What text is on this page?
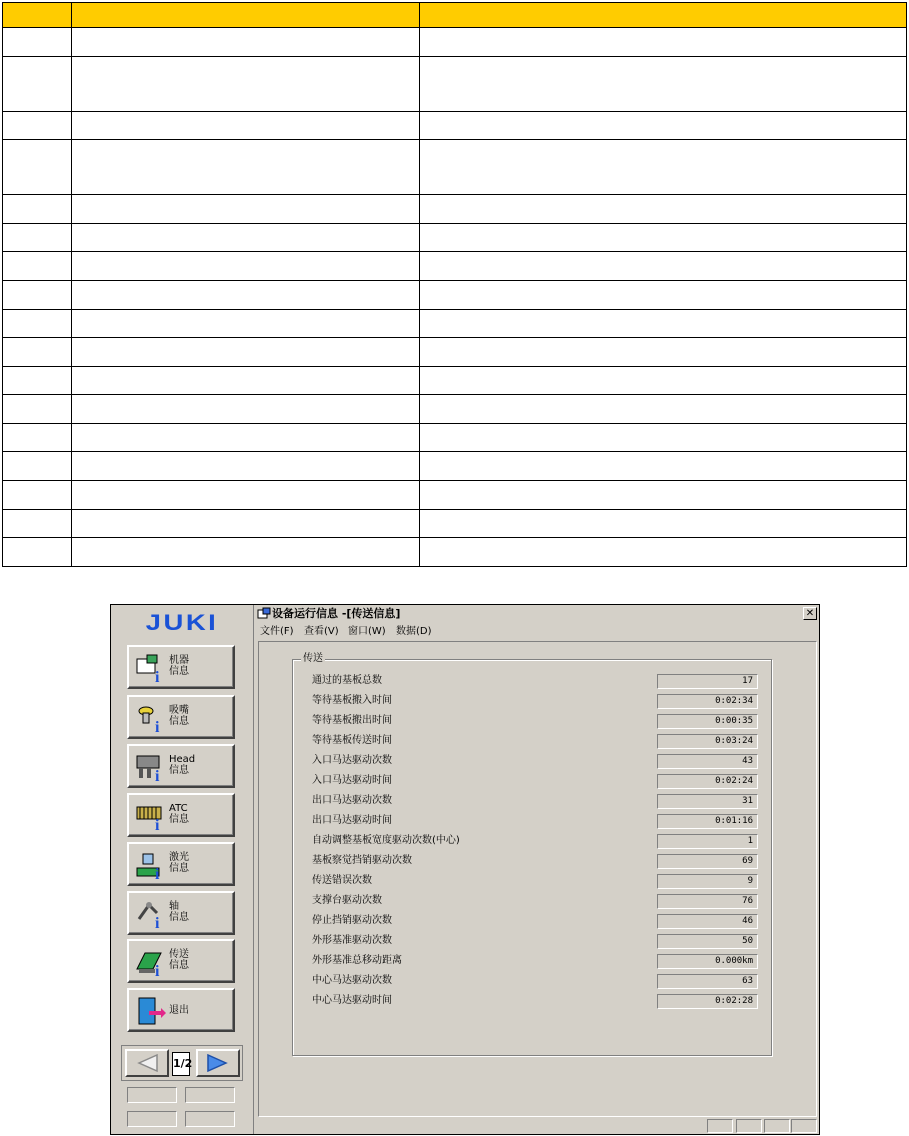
JUKI
i
机器
信息
i
吸嘴
信息
i
Head
信息
i
ATC
信息
i
激光
信息
i
轴
信息
i
传送
信息
退出
1/2
设备运行信息 -[传送信息]	✕
文件(F) 查看(V) 窗口(W) 数据(D)
传送
通过的基板总数	17
等待基板搬入时间	0:02:34
等待基板搬出时间	0:00:35
等待基板传送时间	0:03:24
入口马达驱动次数	43
入口马达驱动时间	0:02:24
出口马达驱动次数	31
出口马达驱动时间	0:01:16
自动调整基板宽度驱动次数(中心)	1
基板察觉挡销驱动次数	69
传送错误次数	9
支撑台驱动次数	76
停止挡销驱动次数	46
外形基准驱动次数	50
外形基准总移动距离	0.000km
中心马达驱动次数	63
中心马达驱动时间	0:02:28
